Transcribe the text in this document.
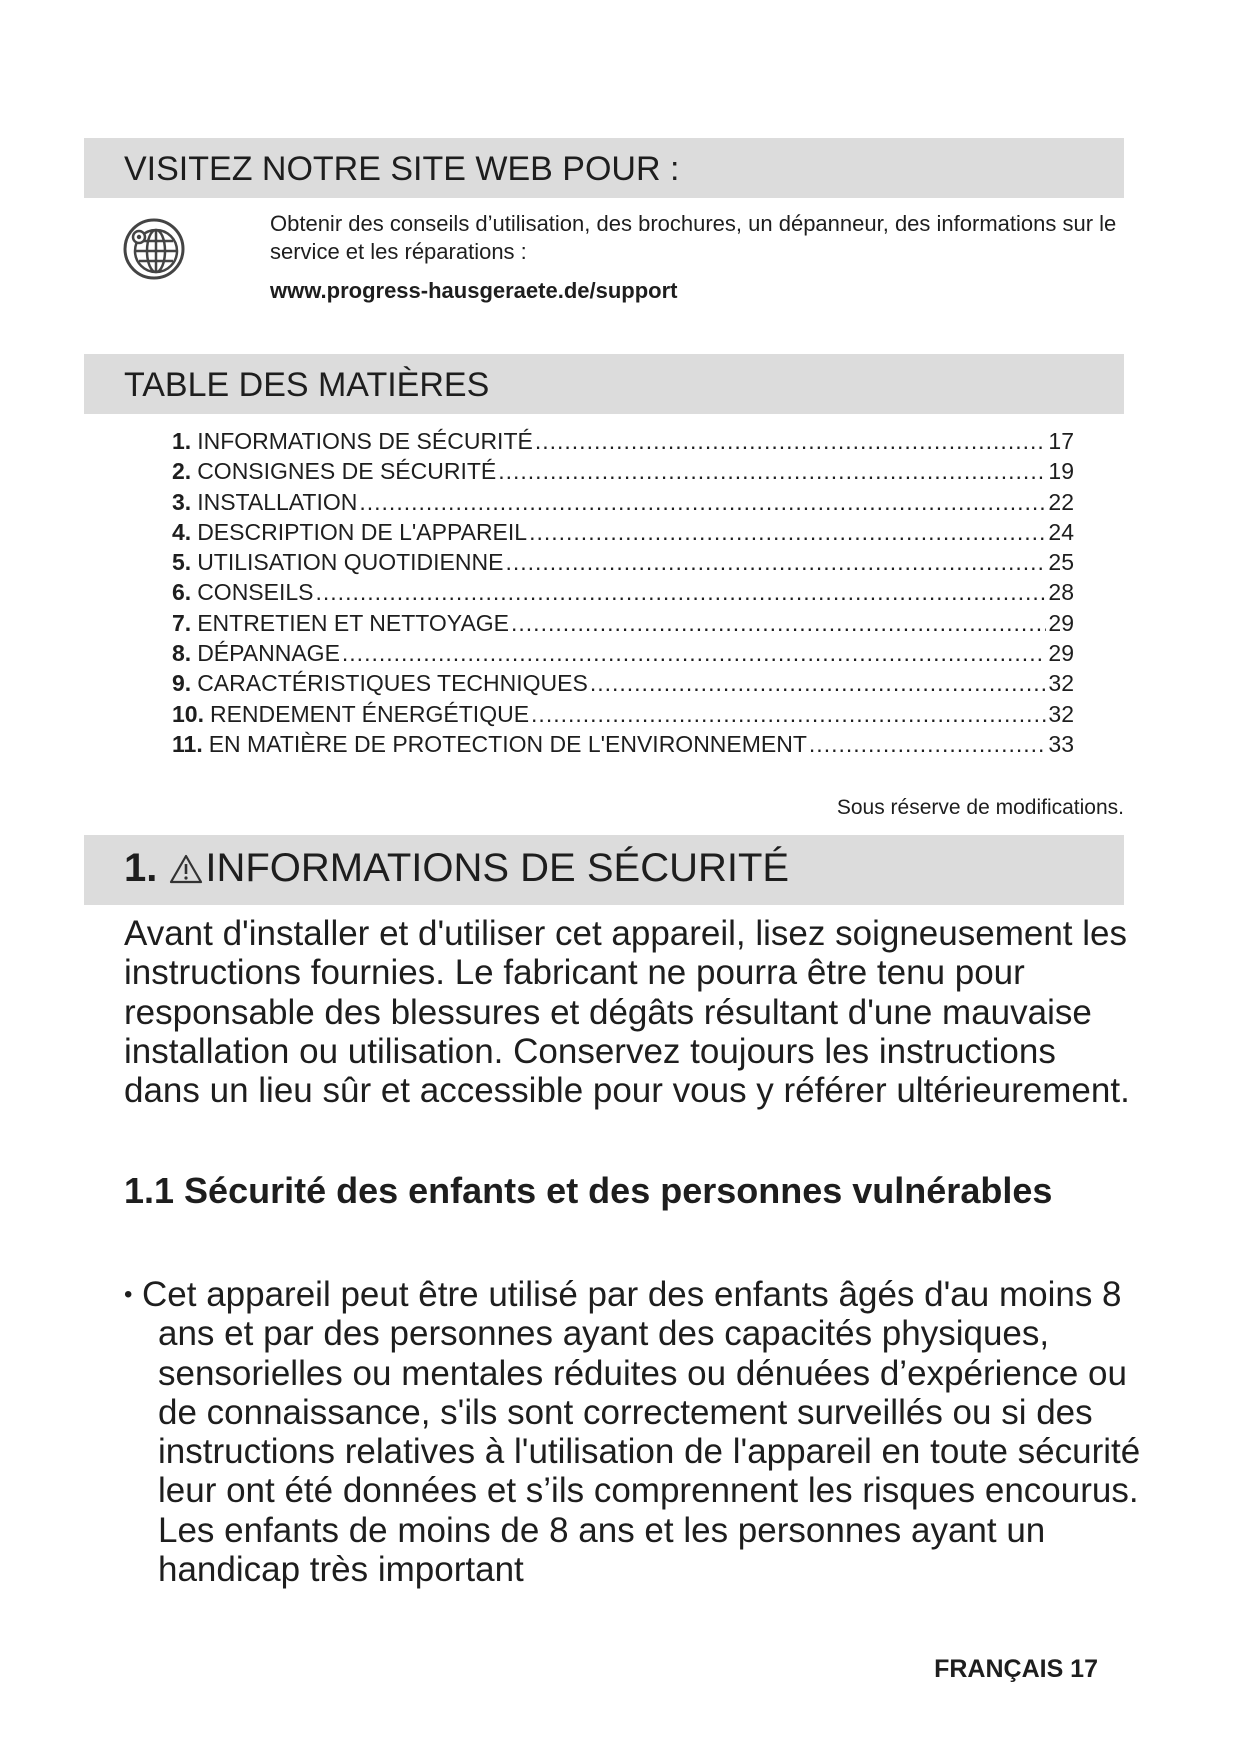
VISITEZ NOTRE SITE WEB POUR :

Obtenir des conseils d’utilisation, des brochures, un dépanneur, des informations sur le service et les réparations :

www.progress-hausgeraete.de/support
TABLE DES MATIÈRES
1. INFORMATIONS DE SÉCURITÉ .....	17
2. CONSIGNES DE SÉCURITÉ .....	19
3. INSTALLATION .....	22
4. DESCRIPTION DE L'APPAREIL .....	24
5. UTILISATION QUOTIDIENNE .....	25
6. CONSEILS .....	28
7. ENTRETIEN ET NETTOYAGE .....	29
8. DÉPANNAGE .....	29
9. CARACTÉRISTIQUES TECHNIQUES .....	32
10. RENDEMENT ÉNERGÉTIQUE .....	32
11. EN MATIÈRE DE PROTECTION DE L'ENVIRONNEMENT .....	33
Sous réserve de modifications.
1. INFORMATIONS DE SÉCURITÉ

Avant d'installer et d'utiliser cet appareil, lisez soigneusement les instructions fournies. Le fabricant ne pourra être tenu pour responsable des blessures et dégâts résultant d'une mauvaise installation ou utilisation. Conservez toujours les instructions dans un lieu sûr et accessible pour vous y référer ultérieurement.

1.1 Sécurité des enfants et des personnes vulnérables

• Cet appareil peut être utilisé par des enfants âgés d'au moins 8 ans et par des personnes ayant des capacités physiques, sensorielles ou mentales réduites ou dénuées d’expérience ou de connaissance, s'ils sont correctement surveillés ou si des instructions relatives à l'utilisation de l'appareil en toute sécurité leur ont été données et s’ils comprennent les risques encourus. Les enfants de moins de 8 ans et les personnes ayant un handicap très important

FRANÇAIS 17
